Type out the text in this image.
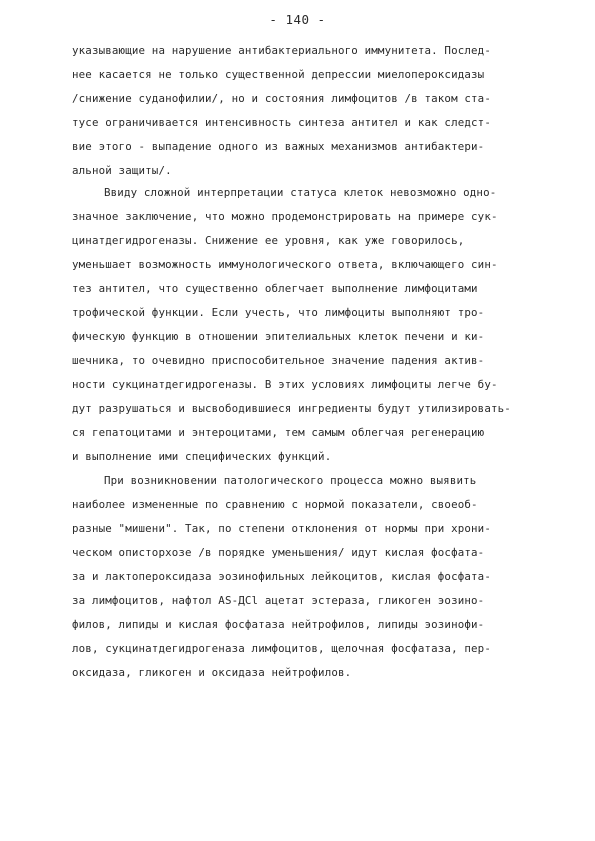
- 140 -
указывающие на нарушение антибактериального иммунитета. Послед-
нее касается не только существенной депрессии миелопероксидазы
/снижение суданофилии/, но и состояния лимфоцитов /в таком ста-
тусе ограничивается интенсивность синтеза антител и как следст-
вие этого - выпадение одного из важных механизмов антибактери-
альной защиты/.
Ввиду сложной интерпретации статуса клеток невозможно одно-
значное заключение, что можно продемонстрировать на примере сук-
цинатдегидрогеназы. Снижение ее уровня, как уже говорилось,
уменьшает возможность иммунологического ответа, включающего син-
тез антител, что существенно облегчает выполнение лимфоцитами
трофической функции. Если учесть, что лимфоциты выполняют тро-
фическую функцию в отношении эпителиальных клеток печени и ки-
шечника, то очевидно приспособительное значение падения актив-
ности сукцинатдегидрогеназы. В этих условиях лимфоциты легче бу-
дут разрушаться и высвободившиеся ингредиенты будут утилизировать-
ся гепатоцитами и энтероцитами, тем самым облегчая регенерацию
и выполнение ими специфических функций.
При возникновении патологического процесса можно выявить
наиболее измененные по сравнению с нормой показатели, своеоб-
разные "мишени". Так, по степени отклонения от нормы при хрони-
ческом описторхозе /в порядке уменьшения/ идут кислая фосфата-
за и лактопероксидаза эозинофильных лейкоцитов, кислая фосфата-
за лимфоцитов, нафтол AS-ДCl ацетат эстераза, гликоген эозино-
филов, липиды и кислая фосфатаза нейтрофилов, липиды эозинофи-
лов, сукцинатдегидрогеназа лимфоцитов, щелочная фосфатаза, пер-
оксидаза, гликоген и оксидаза нейтрофилов.
